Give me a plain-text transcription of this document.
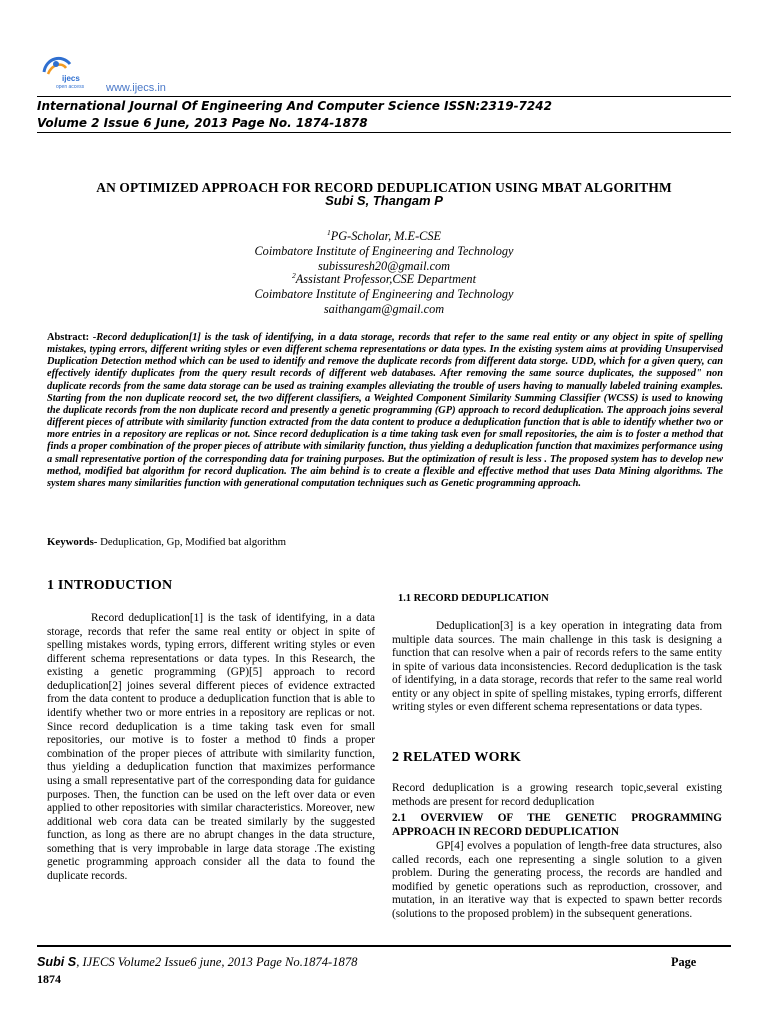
ijecs
open access www.ijecs.in
International Journal Of Engineering And Computer Science ISSN:2319-7242
Volume 2 Issue 6 June, 2013 Page No. 1874-1878
AN OPTIMIZED APPROACH FOR RECORD DEDUPLICATION USING MBAT ALGORITHM
Subi S, Thangam P
$^1$PG-Scholar, M.E-CSE
Coimbatore Institute of Engineering and Technology
subissuresh20@gmail.com
$^2$Assistant Professor,CSE Department
Coimbatore Institute of Engineering and Technology
saithangam@gmail.com
Abstract: -Record deduplication[1] is the task of identifying, in a data storage, records that refer to the same real entity or any object in spite of spelling mistakes, typing errors, different writing styles or even different schema representations or data types. In the existing system aims at providing Unsupervised Duplication Detection method which can be used to identify and remove the duplicate records from different data storge. UDD, which for a given query, can effectively identify duplicates from the query result records of different web databases. After removing the same source duplicates, the supposed" non duplicate records from the same data storage can be used as training examples alleviating the trouble of users having to manually labeled training examples. Starting from the non duplicate reocord set, the two different classifiers, a Weighted Component Similarity Summing Classifier (WCSS) is used to knowing the duplicate records from the non duplicate record and presently a genetic programming (GP) approach to record deduplication. The approach joins several different pieces of attribute with similarity function extracted from the data content to produce a deduplication function that is able to identify whether two or more entries in a repository are replicas or not. Since record deduplication is a time taking task even for small repositories, the aim is to foster a method that finds a proper combination of the proper pieces of attribute with similarity function, thus yielding a deduplication function that maximizes performance using a small representative portion of the corresponding data for training purposes. But the optimization of result is less . The proposed system has to develop new method, modified bat algorithm for record duplication. The aim behind is to create a flexible and effective method that uses Data Mining algorithms. The system shares many similarities function with generational computation techniques such as Genetic programming approach.
Keywords- Deduplication, Gp, Modified bat algorithm
1 INTRODUCTION

Record deduplication[1] is the task of identifying, in a data storage, records that refer the same real entity or object in spite of spelling mistakes words, typing errors, different writing styles or even different schema representations or data types. In this Research, the existing a genetic programming (GP)[5] approach to record deduplication[2] joines several different pieces of evidence extracted from the data content to produce a deduplication function that is able to identify whether two or more entries in a repository are replicas or not. Since record deduplication is a time taking task even for small repositories, our motive is to foster a method t0 finds a proper combination of the proper pieces of attribute with similarity function, thus yielding a deduplication function that maximizes performance using a small representative part of the corresponding data for guidance purposes. Then, the function can be used on the left over data or even applied to other repositories with similar characteristics. Moreover, new additional web cora data can be treated similarly by the suggested function, as long as there are no abrupt changes in the data structure, something that is very improbable in large data storage .The existing genetic programming approach consider all the data to found the duplicate records.

1.1 RECORD DEDUPLICATION

Deduplication[3] is a key operation in integrating data from multiple data sources. The main challenge in this task is designing a function that can resolve when a pair of records refers to the same entity in spite of various data inconsistencies. Record deduplication is the task of identifying, in a data storage, records that refer to the same real world entity or any object in spite of spelling mistakes, typing errorfs, different writing styles or even different schema representations or data types.

2 RELATED WORK

Record deduplication is a growing research topic,several existing methods are present for record deduplication

2.1 OVERVIEW OF THE GENETIC PROGRAMMING APPROACH IN RECORD DEDUPLICATION

GP[4] evolves a population of length-free data structures, also called records, each one representing a single solution to a given problem. During the generating process, the records are handled and modified by genetic operations such as reproduction, crossover, and mutation, in an iterative way that is expected to spawn better records (solutions to the proposed problem) in the subsequent generations.

Subi S, IJECS Volume2 Issue6 june, 2013 Page No.1874-1878	Page
1874
